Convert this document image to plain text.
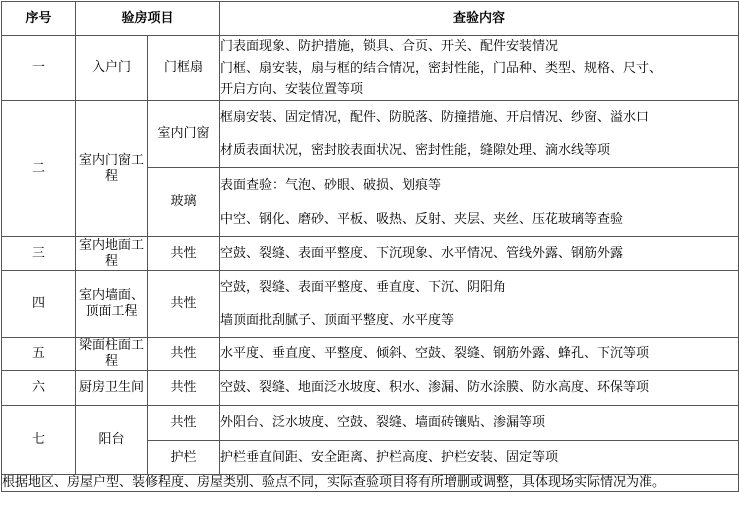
序号	验房项目		查验内容
一	入户门	门框扇	门表面现象、防护措施，锁具、合页、开关、配件安装情况
门框、扇安装，扇与框的结合情况，密封性能，门品种、类型、规格、尺寸、
开启方向、安装位置等项

二	室内门窗工程	室内门窗	框扇安装、固定情况，配件、防脱落、防撞措施、开启情况、纱窗、溢水口
材质表面状况，密封胶表面状况、密封性能，缝隙处理、滴水线等项

		玻璃	表面查验：气泡、砂眼、破损、划痕等
中空、钢化、磨砂、平板、吸热、反射、夹层、夹丝、压花玻璃等查验

三	室内地面工程	共性	空鼓、裂缝、表面平整度、下沉现象、水平情况、管线外露、钢筋外露

四	室内墙面、顶面工程	共性	空鼓，裂缝、表面平整度、垂直度、下沉、阴阳角
墙顶面批刮腻子、顶面平整度、水平度等

五	梁面柱面工程	共性	水平度、垂直度、平整度、倾斜、空鼓、裂缝、钢筋外露、蜂孔、下沉等项

六	厨房卫生间	共性	空鼓、裂缝、地面泛水坡度、积水、渗漏、防水涂膜、防水高度、环保等项

七	阳台	共性	外阳台、泛水坡度、空鼓、裂缝、墙面砖镶贴、渗漏等项

		护栏	护栏垂直间距、安全距离、护栏高度、护栏安装、固定等项

根据地区、房屋户型、装修程度、房屋类别、验点不同，实际查验项目将有所增删或调整，具体现场实际情况为准。			
